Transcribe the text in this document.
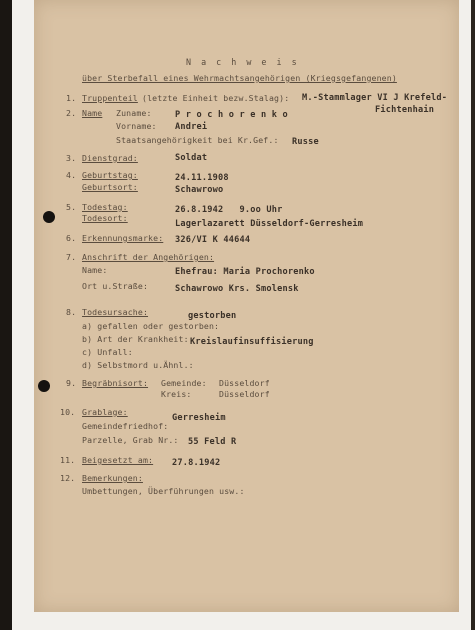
N a c h w e i s
über Sterbefall eines Wehrmachtsangehörigen (Kriegsgefangenen)
1. Truppenteil (letzte Einheit bezw.Stalag): M.-Stammlager VI J Krefeld-
Fichtenhain
2. Name Zuname:	P r o c h o r e n k o
Vorname: Andrei
Staatsangehörigkeit bei Kr.Gef.: Russe
3. Dienstgrad:	Soldat
4. Geburtstag:	24.11.1908
Geburtsort:	Schawrowo
5. Todestag:	26.8.1942   9.oo Uhr
Todesort:
Lagerlazarett Düsseldorf-Gerresheim
6. Erkennungsmarke: 326/VI K 44644
7. Anschrift der Angehörigen:
Name:	Ehefrau: Maria Prochorenko
Ort u.Straße:	Schawrowo Krs. Smolensk
8. Todesursache:	gestorben
a) gefallen oder gestorben:
b) Art der Krankheit: Kreislaufinsuffisierung
c) Unfall:
d) Selbstmord u.Ähnl.:
9. Begräbnisort: Gemeinde: Düsseldorf
Kreis:	Düsseldorf
10. Grablage:
Gerresheim
Gemeindefriedhof:
Parzelle, Grab Nr.: 55 Feld R
11. Beigesetzt am: 27.8.1942
12. Bemerkungen:
Umbettungen, Überführungen usw.:
